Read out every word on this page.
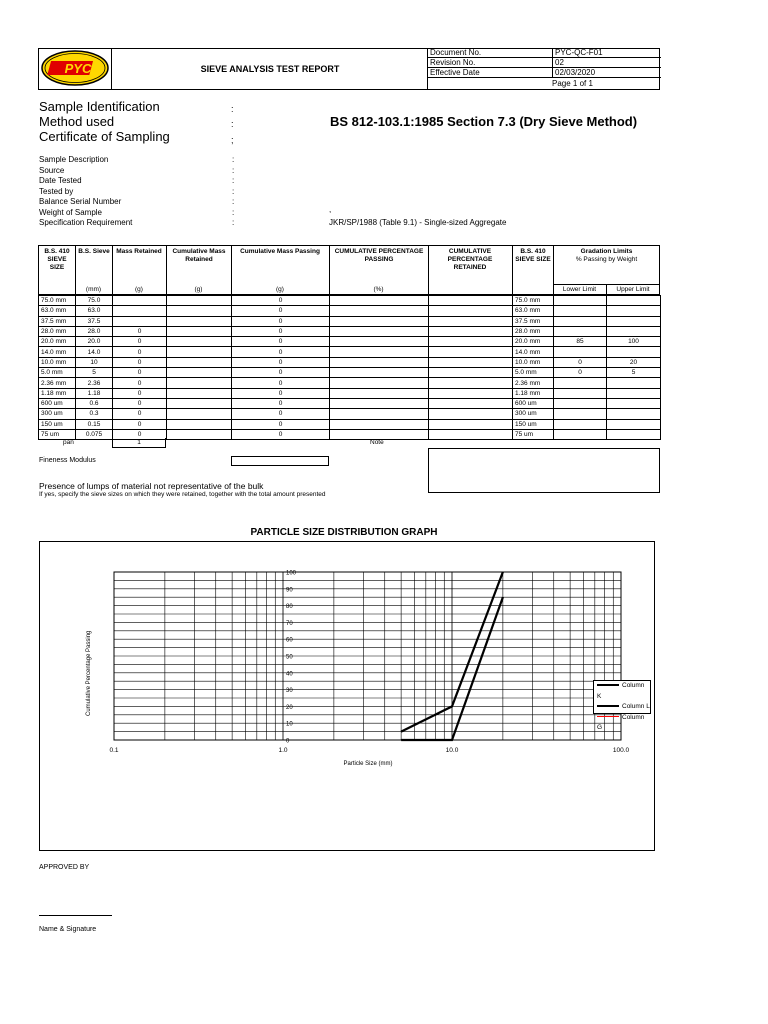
PYC	SIEVE ANALYSIS TEST REPORT
Document No.	PYC-QC-F01
Revision No.	02
Effective Date	02/03/2020
Page 1 of 1
Sample Identification	:
Method used	:	BS 812-103.1:1985 Section 7.3 (Dry Sieve Method)
Certificate of Sampling	;
Sample Description	:
Source	:
Date Tested	:
Tested by	:
Balance Serial Number	:
Weight of Sample	:	,
Specification Requirement	:	JKR/SP/1988 (Table 9.1) - Single-sized Aggregate
B.S. 410 SIEVE SIZE
B.S. Sieve	Mass Retained	Cumulative Mass Retained
Cumulative Mass Passing	CUMULATIVE PERCENTAGE PASSING
CUMULATIVE PERCENTAGE RETAINED
B.S. 410 SIEVE SIZE
Gradation Limits
% Passing by Weight
Lower Limit	Upper Limit
(mm)	(g)	(g)	(g)	(%)
75.0 mm	75.0			0			75.0 mm		
63.0 mm	63.0			0			63.0 mm		
37.5 mm	37.5			0			37.5 mm		
28.0 mm	28.0	0		0			28.0 mm		
20.0 mm	20.0	0		0			20.0 mm	85	100
14.0 mm	14.0	0		0			14.0 mm		
10.0 mm	10	0		0			10.0 mm	0	20
5.0 mm	5	0		0			5.0 mm	0	5
2.36 mm	2.36	0		0			2.36 mm		
1.18 mm	1.18	0		0			1.18 mm		
600 um	0.6	0		0			600 um		
300 um	0.3	0		0			300 um		
150 um	0.15	0		0			150 um		
75 um	0.075	0		0			75 um		
pan	1	Note
Fineness Modulus
Presence of lumps of material not representative of the bulk
If yes, specify the sieve sizes on which they were retained, together with the total amount presented
PARTICLE SIZE DISTRIBUTION GRAPH
0
10
20
30
40
50
60
70
80
90
100
0.1	1.0	10.0	100.0
Cumulative Percentage Passing
Particle Size (mm)
Column K
Column L
Column G
APPROVED BY
Name & Signature
